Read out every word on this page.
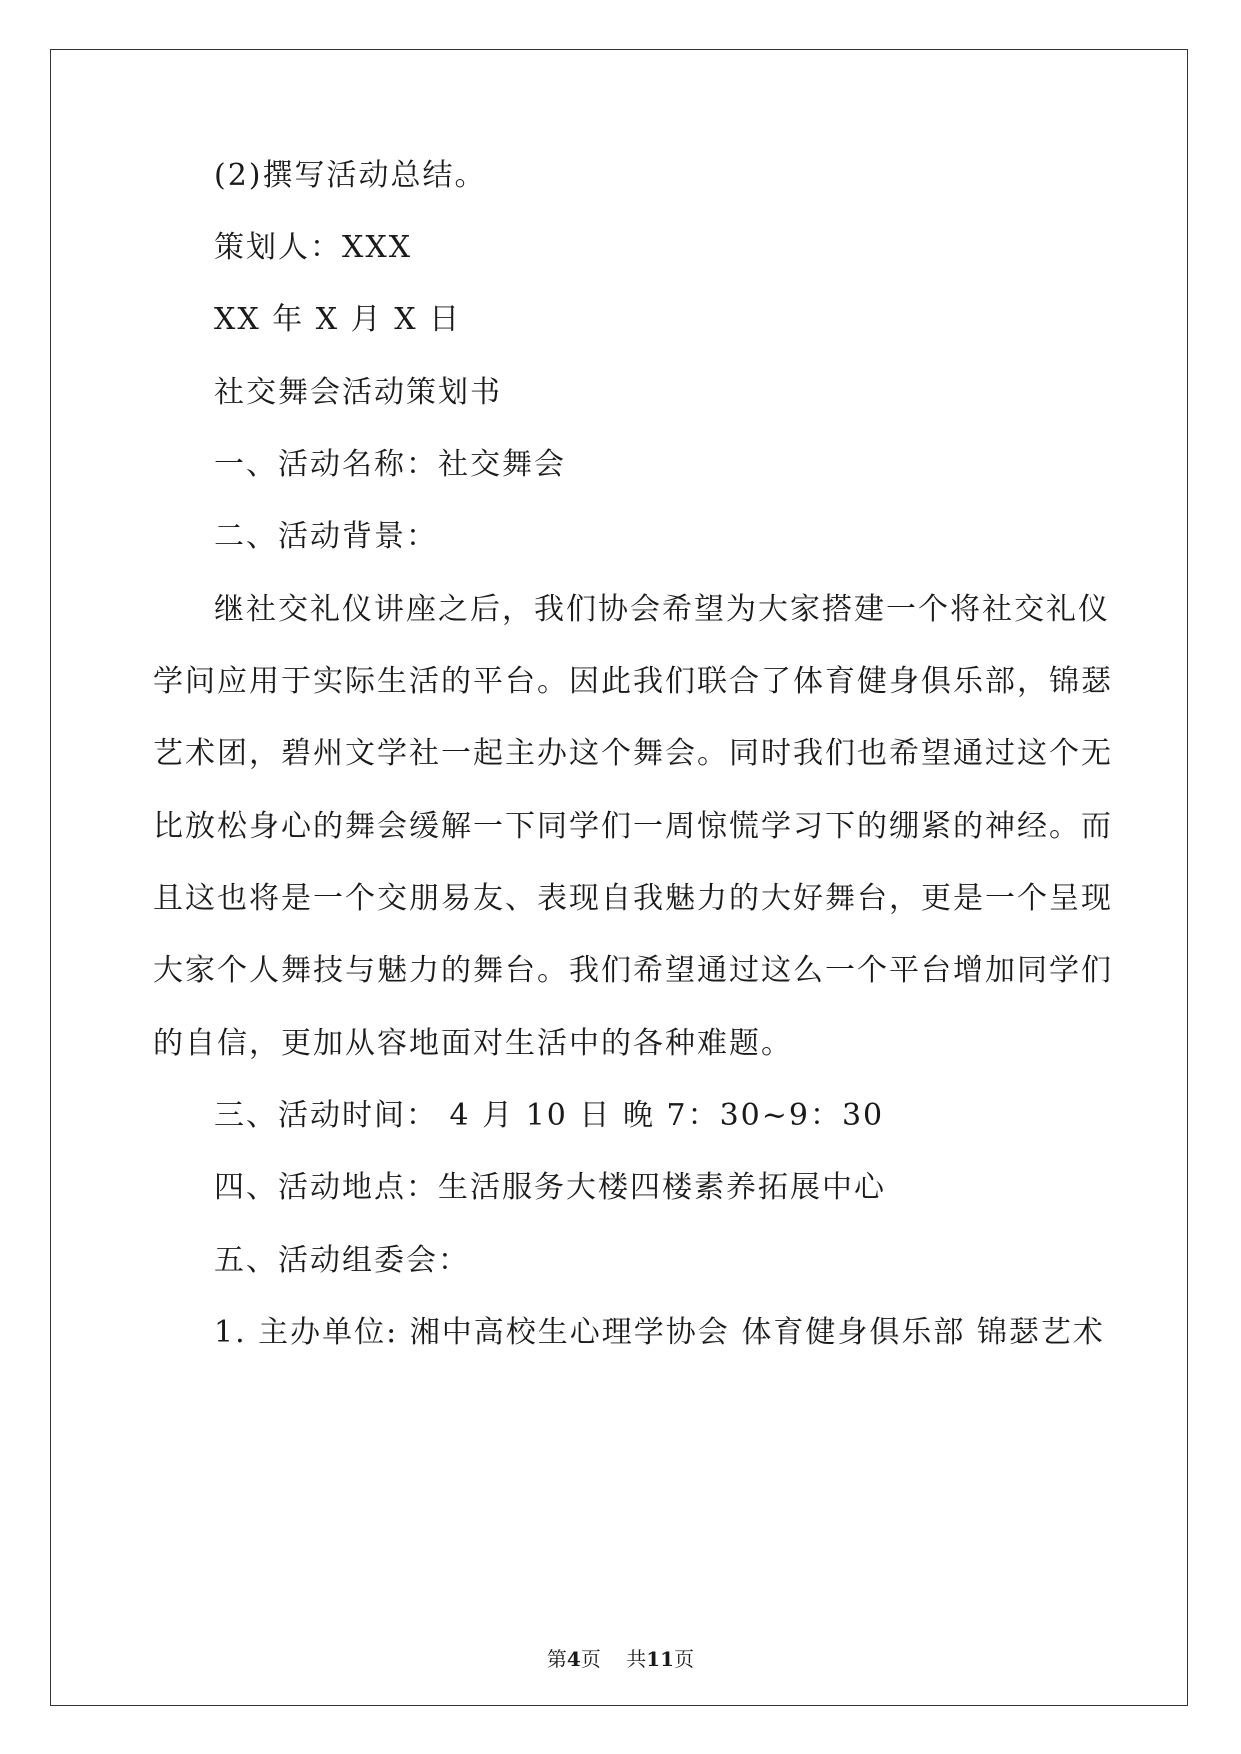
(2)撰写活动总结。
策划人：XXX
XX 年 X 月 X 日
社交舞会活动策划书
一、活动名称：社交舞会
二、活动背景：
继社交礼仪讲座之后，我们协会希望为大家搭建一个将社交礼仪
学问应用于实际生活的平台。因此我们联合了体育健身俱乐部，锦瑟
艺术团，碧州文学社一起主办这个舞会。同时我们也希望通过这个无
比放松身心的舞会缓解一下同学们一周惊慌学习下的绷紧的神经。而
且这也将是一个交朋易友、表现自我魅力的大好舞台，更是一个呈现
大家个人舞技与魅力的舞台。我们希望通过这么一个平台增加同学们
的自信，更加从容地面对生活中的各种难题。
三、活动时间： 4 月 10 日 晚 7：30~9：30
四、活动地点：生活服务大楼四楼素养拓展中心
五、活动组委会：
1. 主办单位: 湘中高校生心理学协会 体育健身俱乐部 锦瑟艺术
第4页    共11页
